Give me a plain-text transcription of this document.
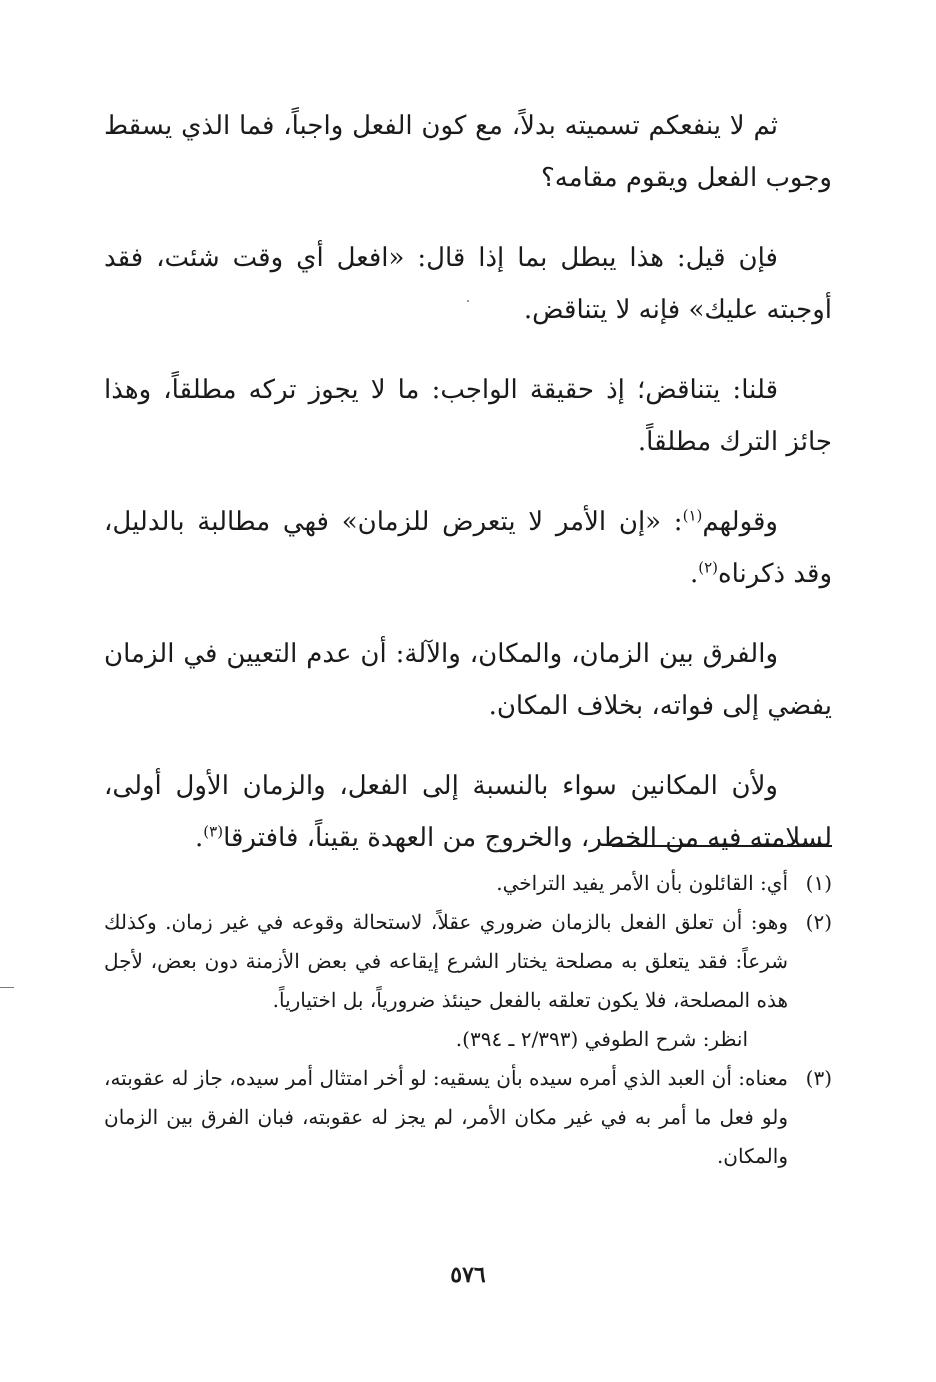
ثم لا ينفعكم تسميته بدلاً، مع كون الفعل واجباً، فما الذي يسقط وجوب الفعل ويقوم مقامه؟

فإن قيل: هذا يبطل بما إذا قال: «افعل أي وقت شئت، فقد أوجبته عليك» فإنه لا يتناقض.

قلنا: يتناقض؛ إذ حقيقة الواجب: ما لا يجوز تركه مطلقاً، وهذا جائز الترك مطلقاً.

وقولهم$^{(١)}$: «إن الأمر لا يتعرض للزمان» فهي مطالبة بالدليل، وقد ذكرناه$^{(٢)}$.

والفرق بين الزمان، والمكان، والآلة: أن عدم التعيين في الزمان يفضي إلى فواته، بخلاف المكان.

ولأن المكانين سواء بالنسبة إلى الفعل، والزمان الأول أولى، لسلامته فيه من الخطر، والخروج من العهدة يقيناً، فافترقا$^{(٣)}$.

(١)
أي: القائلون بأن الأمر يفيد التراخي.
(٢)
وهو: أن تعلق الفعل بالزمان ضروري عقلاً، لاستحالة وقوعه في غير زمان. وكذلك شرعاً: فقد يتعلق به مصلحة يختار الشرع إيقاعه في بعض الأزمنة دون بعض، لأجل هذه المصلحة، فلا يكون تعلقه بالفعل حينئذ ضرورياً، بل اختيارياً.
انظر: شرح الطوفي (٢/٣٩٣ ـ ٣٩٤).
(٣)
معناه: أن العبد الذي أمره سيده بأن يسقيه: لو أخر امتثال أمر سيده، جاز له عقوبته، ولو فعل ما أمر به في غير مكان الأمر، لم يجز له عقوبته، فبان الفرق بين الزمان والمكان.
٥٧٦
